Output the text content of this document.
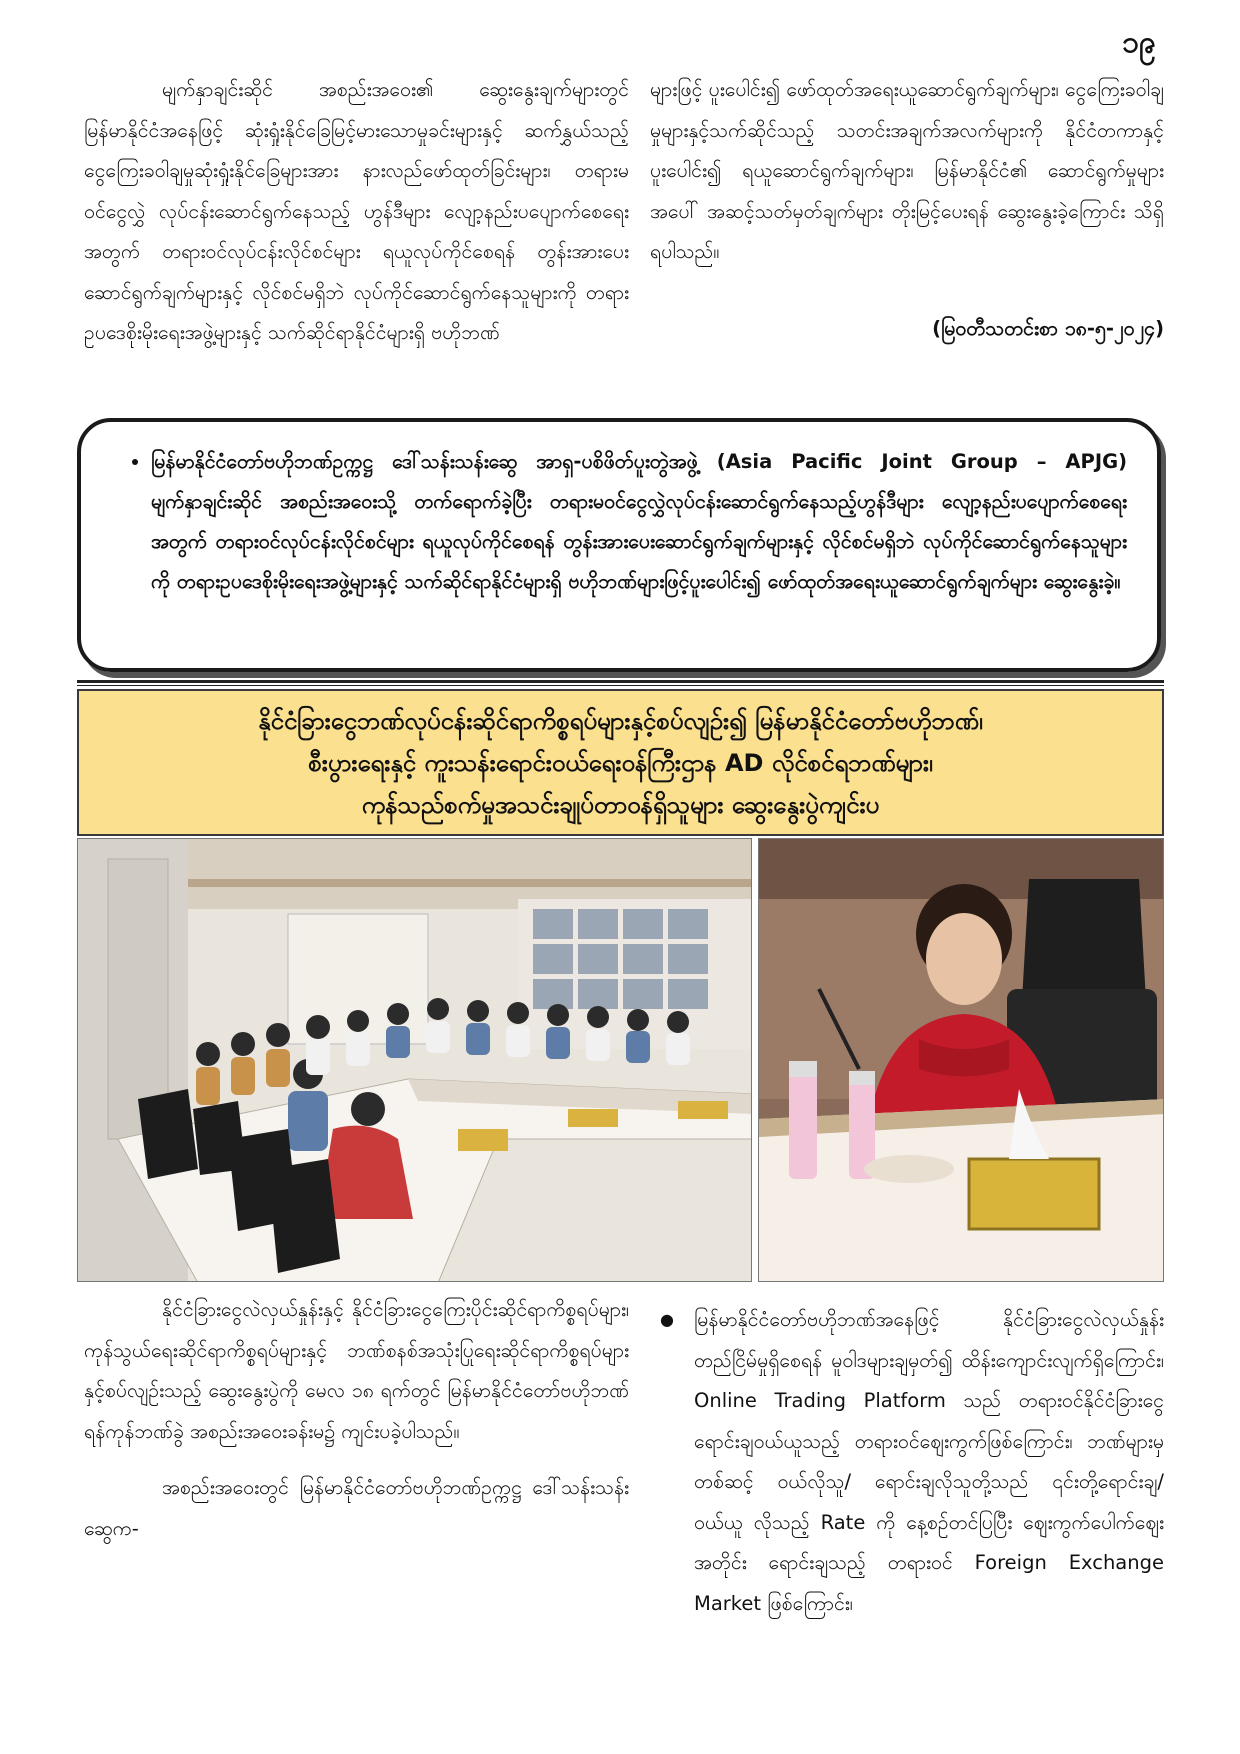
၁၉

မျက်နှာချင်းဆိုင် အစည်းအဝေး၏ ဆွေးနွေးချက်များတွင် မြန်မာနိုင်ငံအနေဖြင့် ဆုံးရှုံးနိုင်ခြေမြင့်မားသောမှုခင်းများနှင့် ဆက်နွှယ်သည့် ငွေကြေးခဝါချမှုဆုံးရှုံးနိုင်ခြေများအား နားလည်ဖော်ထုတ်ခြင်းများ၊ တရားမဝင်ငွေလွှဲ လုပ်ငန်းဆောင်ရွက်နေသည့် ဟွန်ဒီများ လျော့နည်းပပျောက်စေရေးအတွက် တရားဝင်လုပ်ငန်းလိုင်စင်များ ရယူလုပ်ကိုင်စေရန် တွန်းအားပေးဆောင်ရွက်ချက်များနှင့် လိုင်စင်မရှိဘဲ လုပ်ကိုင်ဆောင်ရွက်နေသူများကို တရားဥပဒေစိုးမိုးရေးအဖွဲ့များနှင့် သက်ဆိုင်ရာနိုင်ငံများရှိ ဗဟိုဘဏ်

များဖြင့် ပူးပေါင်း၍ ဖော်ထုတ်အရေးယူဆောင်ရွက်ချက်များ၊ ငွေကြေးခဝါချမှုများနှင့်သက်ဆိုင်သည့် သတင်းအချက်အလက်များကို နိုင်ငံတကာနှင့်ပူးပေါင်း၍ ရယူဆောင်ရွက်ချက်များ၊ မြန်မာနိုင်ငံ၏ ဆောင်ရွက်မှုများအပေါ် အဆင့်သတ်မှတ်ချက်များ တိုးမြင့်ပေးရန် ဆွေးနွေးခဲ့ကြောင်း သိရှိရပါသည်။

(မြဝတီသတင်းစာ ၁၈-၅-၂၀၂၄)

• မြန်မာနိုင်ငံတော်ဗဟိုဘဏ်ဥက္ကဋ္ဌ ဒေါ်သန်းသန်းဆွေ အာရှ-ပစိဖိတ်ပူးတွဲအဖွဲ့ (Asia Pacific Joint Group – APJG) မျက်နှာချင်းဆိုင် အစည်းအဝေးသို့ တက်ရောက်ခဲ့ပြီး တရားမဝင်ငွေလွှဲလုပ်ငန်းဆောင်ရွက်နေသည့်ဟွန်ဒီများ လျော့နည်းပပျောက်စေရေးအတွက် တရားဝင်လုပ်ငန်းလိုင်စင်များ ရယူလုပ်ကိုင်စေရန် တွန်းအားပေးဆောင်ရွက်ချက်များနှင့် လိုင်စင်မရှိဘဲ လုပ်ကိုင်ဆောင်ရွက်နေသူများကို တရားဥပဒေစိုးမိုးရေးအဖွဲ့များနှင့် သက်ဆိုင်ရာနိုင်ငံများရှိ ဗဟိုဘဏ်များဖြင့်ပူးပေါင်း၍ ဖော်ထုတ်အရေးယူဆောင်ရွက်ချက်များ ဆွေးနွေးခဲ့။
နိုင်ငံခြားငွေဘဏ်လုပ်ငန်းဆိုင်ရာကိစ္စရပ်များနှင့်စပ်လျဉ်း၍ မြန်မာနိုင်ငံတော်ဗဟိုဘဏ်၊
စီးပွားရေးနှင့် ကူးသန်းရောင်းဝယ်ရေးဝန်ကြီးဌာန AD လိုင်စင်ရဘဏ်များ၊
ကုန်သည်စက်မှုအသင်းချုပ်တာဝန်ရှိသူများ ဆွေးနွေးပွဲကျင်းပ

နိုင်ငံခြားငွေလဲလှယ်နှုန်းနှင့် နိုင်ငံခြားငွေကြေးပိုင်းဆိုင်ရာကိစ္စရပ်များ၊ ကုန်သွယ်ရေးဆိုင်ရာကိစ္စရပ်များနှင့် ဘဏ်စနစ်အသုံးပြုရေးဆိုင်ရာကိစ္စရပ်များနှင့်စပ်လျဉ်းသည့် ဆွေးနွေးပွဲကို မေလ ၁၈ ရက်တွင် မြန်မာနိုင်ငံတော်ဗဟိုဘဏ် ရန်ကုန်ဘဏ်ခွဲ အစည်းအဝေးခန်းမ၌ ကျင်းပခဲ့ပါသည်။

အစည်းအဝေးတွင် မြန်မာနိုင်ငံတော်ဗဟိုဘဏ်ဥက္ကဋ္ဌ ဒေါ်သန်းသန်းဆွေက-

● မြန်မာနိုင်ငံတော်ဗဟိုဘဏ်အနေဖြင့် နိုင်ငံခြားငွေလဲလှယ်နှုန်း တည်ငြိမ်မှုရှိစေရန် မူဝါဒများချမှတ်၍ ထိန်းကျောင်းလျက်ရှိကြောင်း၊ Online Trading Platform သည် တရားဝင်နိုင်ငံခြားငွေရောင်းချဝယ်ယူသည့် တရားဝင်ဈေးကွက်ဖြစ်ကြောင်း၊ ဘဏ်များမှတစ်ဆင့် ဝယ်လိုသူ/ ရောင်းချလိုသူတို့သည် ၎င်းတို့ရောင်းချ/ ဝယ်ယူ လိုသည့် Rate ကို နေ့စဉ်တင်ပြပြီး ဈေးကွက်ပေါက်ဈေးအတိုင်း ရောင်းချသည့် တရားဝင် Foreign Exchange Market ဖြစ်ကြောင်း၊
